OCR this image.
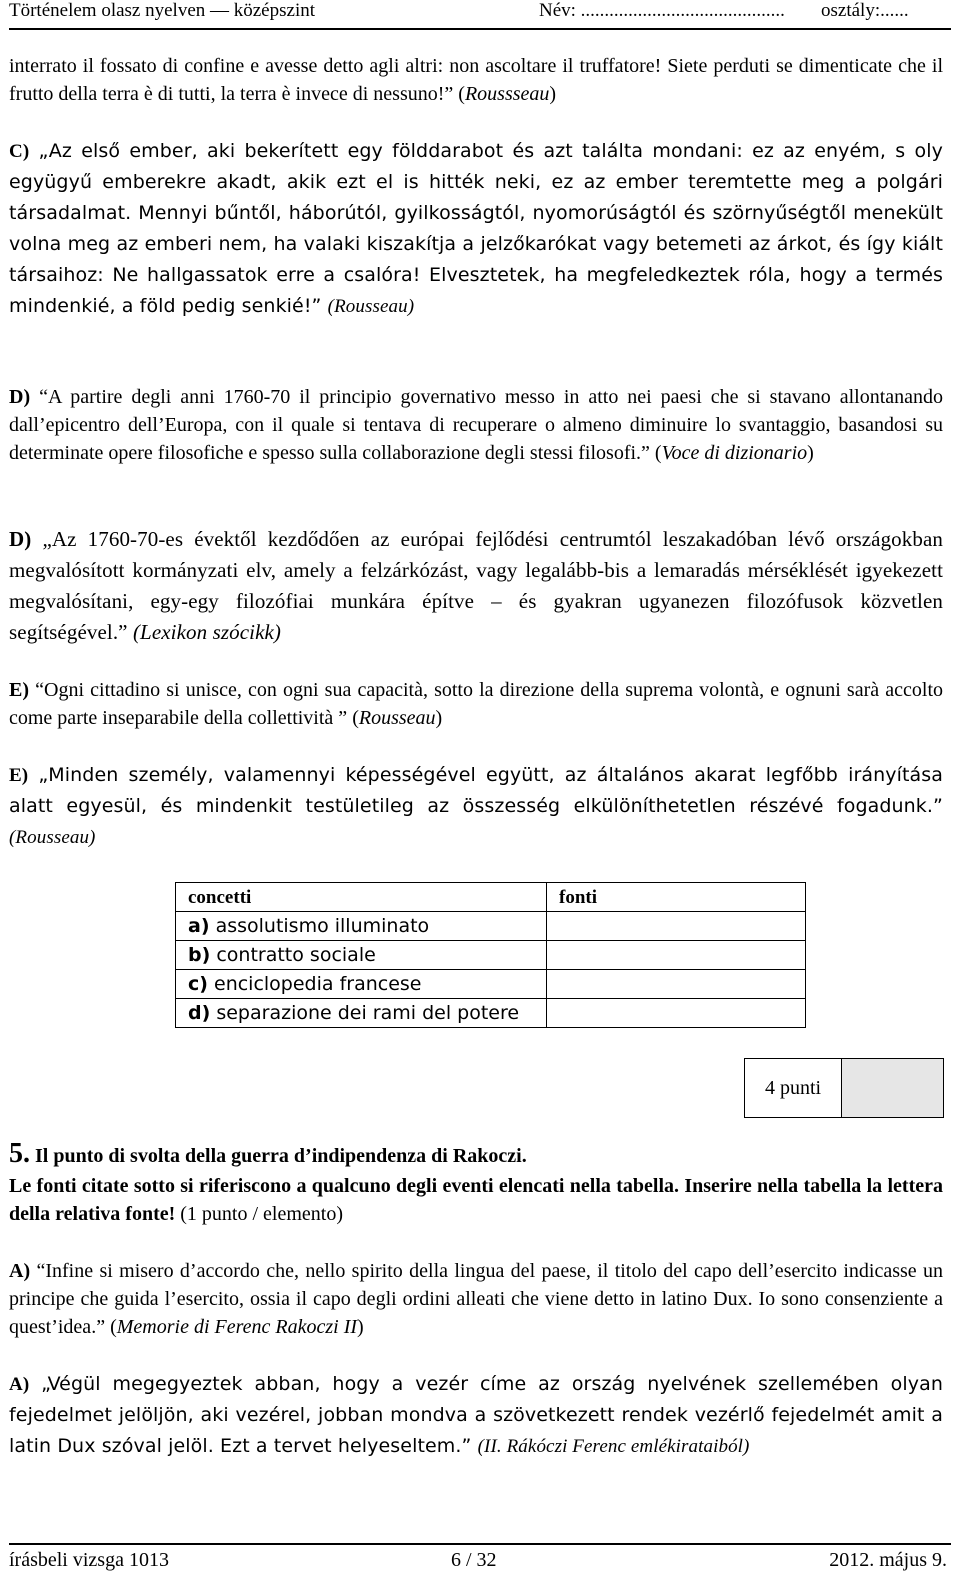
Történelem olasz nyelven — középszint	Név: ........................................... osztály:......
interrato il fossato di confine e avesse detto agli altri: non ascoltare il truffatore! Siete perduti se dimenticate che il frutto della terra è di tutti, la terra è invece di nessuno!” (Roussseau)
C) „Az első ember, aki bekerített egy földdarabot és azt találta mondani: ez az enyém, s oly együgyű emberekre akadt, akik ezt el is hitték neki, ez az ember teremtette meg a polgári társadalmat. Mennyi bűntől, háborútól, gyilkosságtól, nyomorúságtól és szörnyűségtől menekült volna meg az emberi nem, ha valaki kiszakítja a jelzőkarókat vagy betemeti az árkot, és így kiált társaihoz: Ne hallgassatok erre a csalóra! Elvesztetek, ha megfeledkeztek róla, hogy a termés mindenkié, a föld pedig senkié!” (Rousseau)
D) “A partire degli anni 1760-70 il principio governativo messo in atto nei paesi che si stavano allontanando dall’epicentro dell’Europa, con il quale si tentava di recuperare o almeno diminuire lo svantaggio, basandosi su determinate opere filosofiche e spesso sulla collaborazione degli stessi filosofi.” (Voce di dizionario)
D) „Az 1760-70-es évektől kezdődően az európai fejlődési centrumtól leszakadóban lévő országokban megvalósított kormányzati elv, amely a felzárkózást, vagy legalább-bis a lemaradás mérséklését igyekezett megvalósítani, egy-egy filozófiai munkára építve – és gyakran ugyanezen filozófusok közvetlen segítségével.” (Lexikon szócikk)
E) “Ogni cittadino si unisce, con ogni sua capacità, sotto la direzione della suprema volontà, e ognuni sarà accolto come parte inseparabile della collettività ” (Rousseau)
E) „Minden személy, valamennyi képességével együtt, az általános akarat legfőbb irányítása alatt egyesül, és mindenkit testületileg az összesség elkülöníthetetlen részévé fogadunk.” (Rousseau)
concetti	fonti
a) assolutismo illuminato	
b) contratto sociale	
c) enciclopedia francese	
d) separazione dei rami del potere	
4 punti
5. Il punto di svolta della guerra d’indipendenza di Rakoczi.
Le fonti citate sotto si riferiscono a qualcuno degli eventi elencati nella tabella. Inserire nella tabella la lettera della relativa fonte! (1 punto / elemento)
A) “Infine si misero d’accordo che, nello spirito della lingua del paese, il titolo del capo dell’esercito indicasse un principe che guida l’esercito, ossia il capo degli ordini alleati che viene detto in latino Dux. Io sono consenziente a quest’idea.” (Memorie di Ferenc Rakoczi II)
A) „Végül megegyeztek abban, hogy a vezér címe az ország nyelvének szellemében olyan fejedelmet jelöljön, aki vezérel, jobban mondva a szövetkezett rendek vezérlő fejedelmét amit a latin Dux szóval jelöl. Ezt a tervet helyeseltem.” (II. Rákóczi Ferenc emlékirataiból)
írásbeli vizsga 1013	6 / 32	2012. május 9.
